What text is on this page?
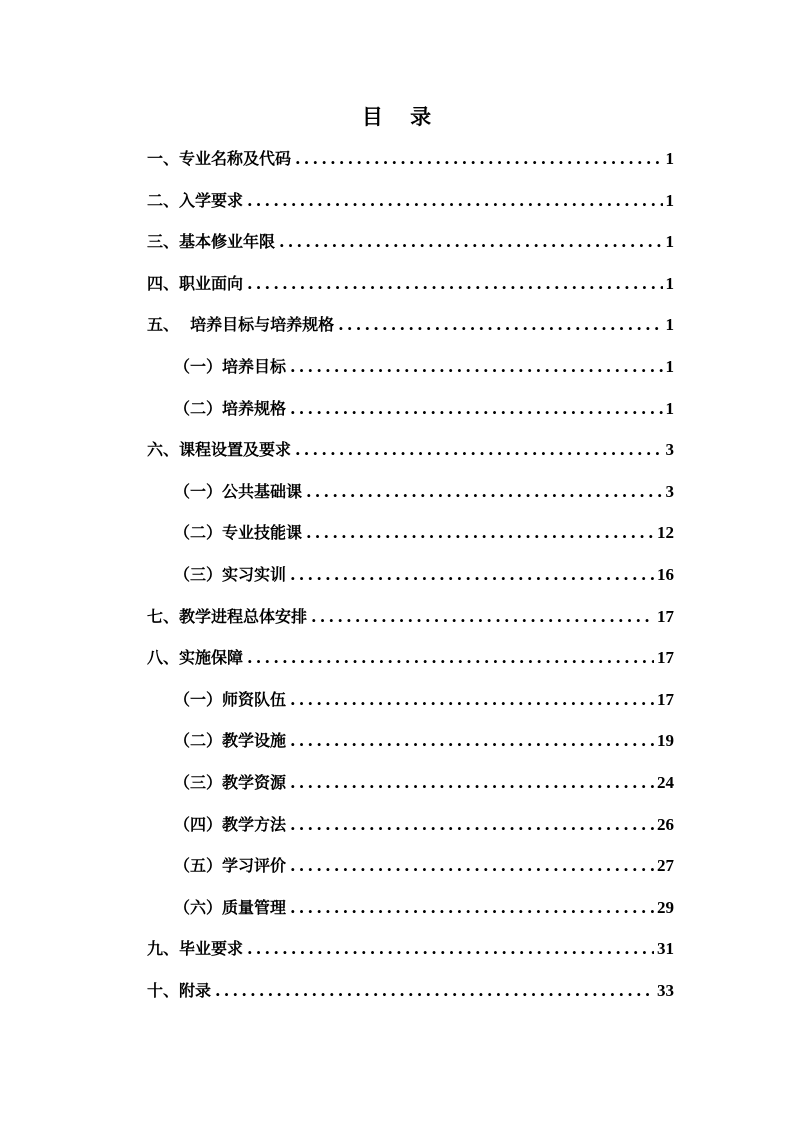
目 录
一、专业名称及代码 .....	1
二、入学要求 .....	1
三、基本修业年限 .....	1
四、职业面向 .....	1
五、  培养目标与培养规格 .....	1
（一）培养目标 .....	1
（二）培养规格 .....	1
六、课程设置及要求 .....	3
（一）公共基础课 .....	3
（二）专业技能课 .....	12
（三）实习实训 .....	16
七、教学进程总体安排 .....	17
八、实施保障 .....	17
（一）师资队伍 .....	17
（二）教学设施 .....	19
（三）教学资源 .....	24
（四）教学方法 .....	26
（五）学习评价 .....	27
（六）质量管理 .....	29
九、毕业要求 .....	31
十、附录 .....	33
